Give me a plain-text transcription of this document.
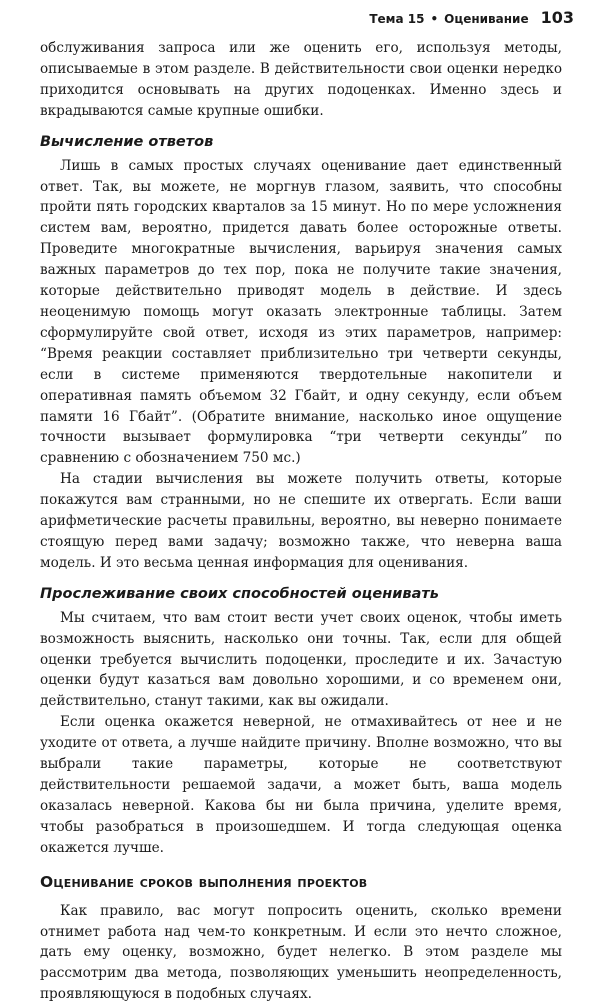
Тема 15 • Оценивание 103

обслуживания запроса или же оценить его, используя методы, описываемые в этом разделе. В действительности свои оценки нередко приходится основывать на других подоценках. Именно здесь и вкрадываются самые крупные ошибки.

Вычисление ответов

Лишь в самых простых случаях оценивание дает единственный ответ. Так, вы можете, не моргнув глазом, заявить, что способны пройти пять городских кварталов за 15 минут. Но по мере усложнения систем вам, вероятно, придется давать более осторожные ответы. Проведите многократные вычисления, варьируя значения самых важных параметров до тех пор, пока не получите такие значения, которые действительно приводят модель в действие. И здесь неоценимую помощь могут оказать электронные таблицы. Затем сформулируйте свой ответ, исходя из этих параметров, например: “Время реакции составляет приблизительно три четверти секунды, если в системе применяются твердотельные накопители и оперативная память объемом 32 Гбайт, и одну секунду, если объем памяти 16 Гбайт”. (Обратите внимание, насколько иное ощущение точности вызывает формулировка “три четверти секунды” по сравнению с обозначением 750 мс.)

На стадии вычисления вы можете получить ответы, которые покажутся вам странными, но не спешите их отвергать. Если ваши арифметические расчеты правильны, вероятно, вы неверно понимаете стоящую перед вами задачу; возможно также, что неверна ваша модель. И это весьма ценная информация для оценивания.

Прослеживание своих способностей оценивать

Мы считаем, что вам стоит вести учет своих оценок, чтобы иметь возможность выяснить, насколько они точны. Так, если для общей оценки требуется вычислить подоценки, проследите и их. Зачастую оценки будут казаться вам довольно хорошими, и со временем они, действительно, станут такими, как вы ожидали.

Если оценка окажется неверной, не отмахивайтесь от нее и не уходите от ответа, а лучше найдите причину. Вполне возможно, что вы выбрали такие параметры, которые не соответствуют действительности решаемой задачи, а может быть, ваша модель оказалась неверной. Какова бы ни была причина, уделите время, чтобы разобраться в произошедшем. И тогда следующая оценка окажется лучше.

Оценивание сроков выполнения проектов

Как правило, вас могут попросить оценить, сколько времени отнимет работа над чем-то конкретным. И если это нечто сложное, дать ему оценку, возможно, будет нелегко. В этом разделе мы рассмотрим два метода, позволяющих уменьшить неопределенность, проявляющуюся в подобных случаях.
